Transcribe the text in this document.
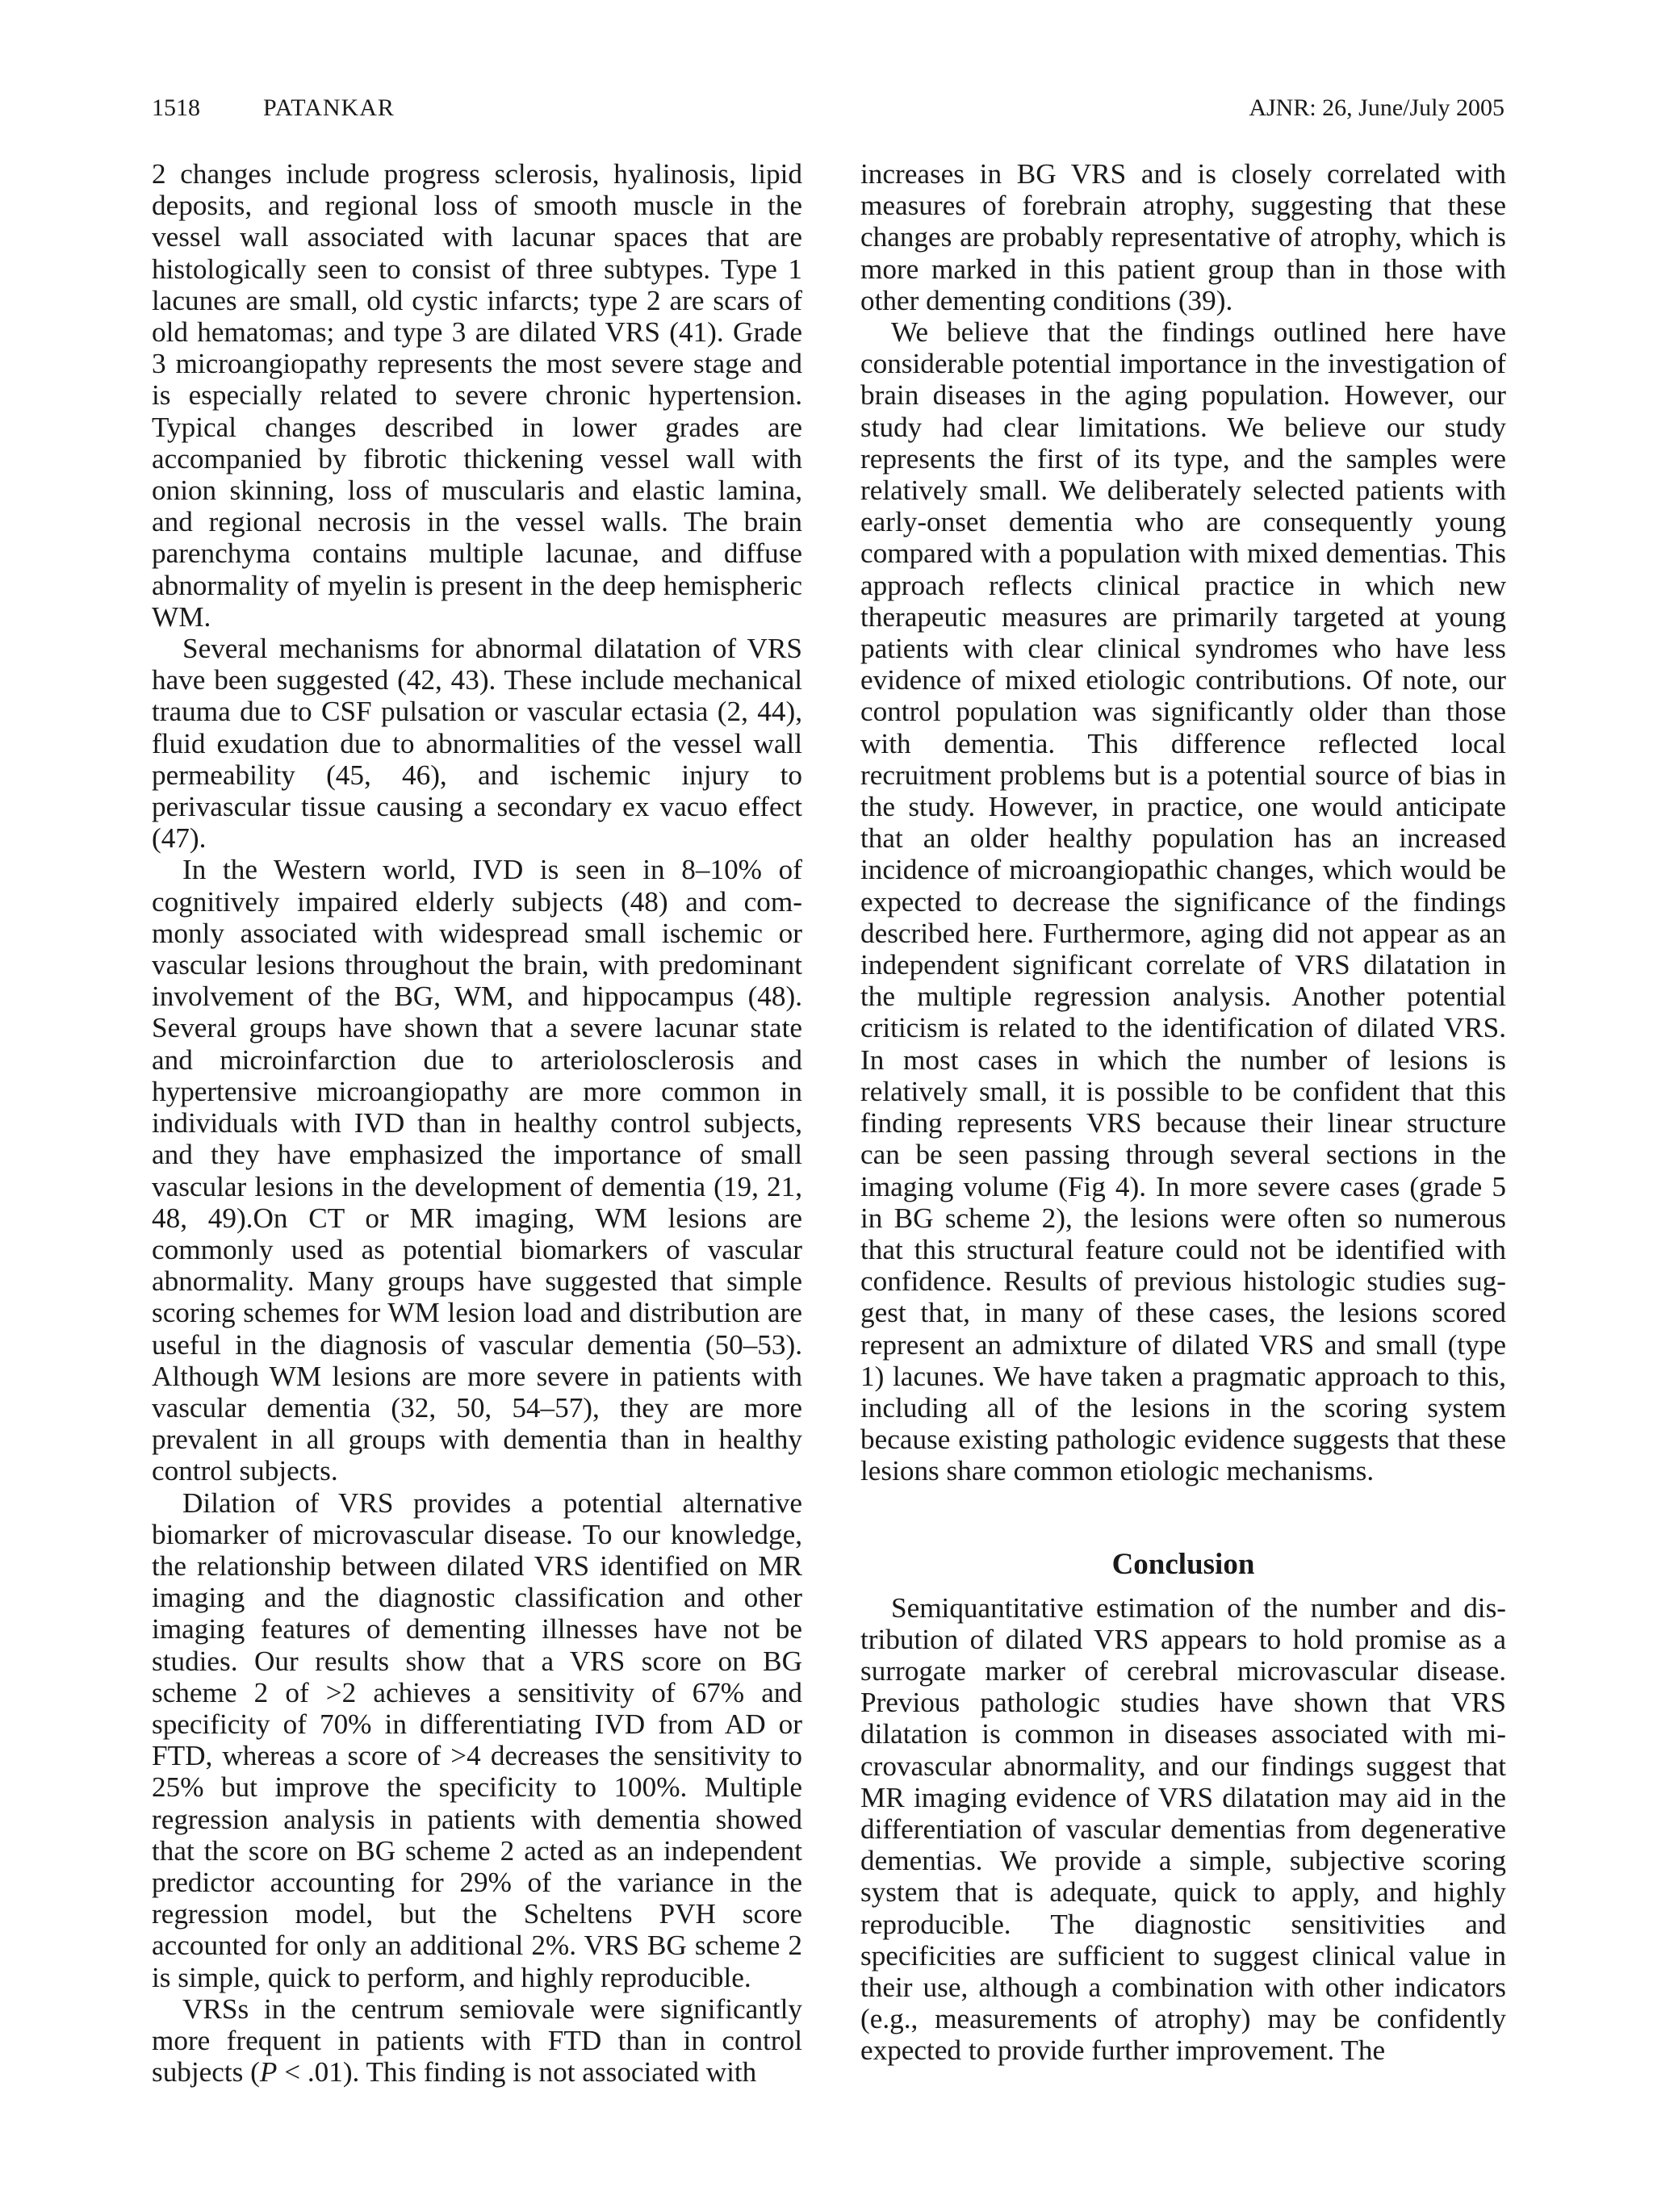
1518	PATANKAR	AJNR: 26, June/July 2005

2 changes include progress sclerosis, hyalinosis, lipid deposits, and regional loss of smooth muscle in the vessel wall associated with lacunar spaces that are histologically seen to consist of three subtypes. Type 1 lacunes are small, old cystic infarcts; type 2 are scars of old hematomas; and type 3 are dilated VRS (41). Grade 3 microangiopathy represents the most severe stage and is especially related to severe chronic hypertension. Typical changes described in lower grades are accompanied by fibrotic thickening vessel wall with onion skinning, loss of muscularis and elastic lamina, and regional necrosis in the vessel walls. The brain parenchyma contains multiple lacunae, and diffuse abnormality of myelin is present in the deep hemispheric WM.

Several mechanisms for abnormal dilatation of VRS have been suggested (42, 43). These include mechanical trauma due to CSF pulsation or vascular ectasia (2, 44), fluid exudation due to abnormalities of the vessel wall permeability (45, 46), and ischemic injury to perivascular tissue causing a secondary ex vacuo effect (47).

In the Western world, IVD is seen in 8–10% of cognitively impaired elderly subjects (48) and commonly associated with widespread small ischemic or vascular lesions throughout the brain, with predominant involvement of the BG, WM, and hippocampus (48). Several groups have shown that a severe lacunar state and microinfarction due to arteriolosclerosis and hypertensive microangiopathy are more common in individuals with IVD than in healthy control subjects, and they have emphasized the importance of small vascular lesions in the development of dementia (19, 21, 48, 49).On CT or MR imaging, WM lesions are commonly used as potential biomarkers of vascular abnormality. Many groups have suggested that simple scoring schemes for WM lesion load and distribution are useful in the diagnosis of vascular dementia (50–53). Although WM lesions are more severe in patients with vascular dementia (32, 50, 54–57), they are more prevalent in all groups with dementia than in healthy control subjects.

Dilation of VRS provides a potential alternative biomarker of microvascular disease. To our knowledge, the relationship between dilated VRS identified on MR imaging and the diagnostic classification and other imaging features of dementing illnesses have not be studies. Our results show that a VRS score on BG scheme 2 of >2 achieves a sensitivity of 67% and specificity of 70% in differentiating IVD from AD or FTD, whereas a score of >4 decreases the sensitivity to 25% but improve the specificity to 100%. Multiple regression analysis in patients with dementia showed that the score on BG scheme 2 acted as an independent predictor accounting for 29% of the variance in the regression model, but the Scheltens PVH score accounted for only an additional 2%. VRS BG scheme 2 is simple, quick to perform, and highly reproducible.

VRSs in the centrum semiovale were significantly more frequent in patients with FTD than in control subjects (P < .01). This finding is not associated with

increases in BG VRS and is closely correlated with measures of forebrain atrophy, suggesting that these changes are probably representative of atrophy, which is more marked in this patient group than in those with other dementing conditions (39).

We believe that the findings outlined here have considerable potential importance in the investigation of brain diseases in the aging population. However, our study had clear limitations. We believe our study represents the first of its type, and the samples were relatively small. We deliberately selected patients with early-onset dementia who are consequently young compared with a population with mixed dementias. This approach reflects clinical practice in which new therapeutic measures are primarily targeted at young patients with clear clinical syndromes who have less evidence of mixed etiologic contributions. Of note, our control population was significantly older than those with dementia. This difference reflected local recruitment problems but is a potential source of bias in the study. However, in practice, one would anticipate that an older healthy population has an increased incidence of microangiopathic changes, which would be expected to decrease the significance of the findings described here. Furthermore, aging did not appear as an independent significant correlate of VRS dilatation in the multiple regression analysis. Another potential criticism is related to the identification of dilated VRS. In most cases in which the number of lesions is relatively small, it is possible to be confident that this finding represents VRS because their linear structure can be seen passing through several sections in the imaging volume (Fig 4). In more severe cases (grade 5 in BG scheme 2), the lesions were often so numerous that this structural feature could not be identified with confidence. Results of previous histologic studies suggest that, in many of these cases, the lesions scored represent an admixture of dilated VRS and small (type 1) lacunes. We have taken a pragmatic approach to this, including all of the lesions in the scoring system because existing pathologic evidence suggests that these lesions share common etiologic mechanisms.

Conclusion

Semiquantitative estimation of the number and distribution of dilated VRS appears to hold promise as a surrogate marker of cerebral microvascular disease. Previous pathologic studies have shown that VRS dilatation is common in diseases associated with microvascular abnormality, and our findings suggest that MR imaging evidence of VRS dilatation may aid in the differentiation of vascular dementias from degenerative dementias. We provide a simple, subjective scoring system that is adequate, quick to apply, and highly reproducible. The diagnostic sensitivities and specificities are sufficient to suggest clinical value in their use, although a combination with other indicators (e.g., measurements of atrophy) may be confidently expected to provide further improvement. The
